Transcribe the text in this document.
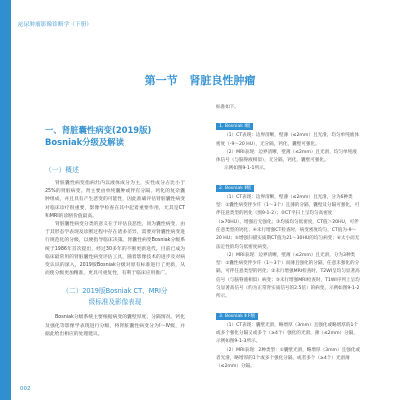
泌尿肿瘤影像诊断学（下册）
第一节 肾脏良性肿瘤

一、肾脏囊性病变(2019版)

Bosniak分级及解读

（一）概述

肾脏囊性病变指病灶内以液体成分为主，实性成分占比小于25%的肾脏病变。肾主要由单纯囊肿或伴有分隔、钙化的复杂囊肿组成，并且具有产生恶变的可能性，因此准确评估肾脏囊性病变对临床诊疗很重要，影像学检查在其中起着重要作用，尤其是CT和MRI的诊断价值最高。

肾脏囊性病变分类的意义在于评估良恶性，同为囊性病变，由于其形态学表现及诊断过程中存在诸多差异，需要对肾囊性病变进行规范化的分级，以便指导临床决策。肾囊性病变Bosniak分级系统于1986年首次提出，经过30多年的不断更新迭代，目前已成为临床最常用的肾脏囊性病变评估工具，随着影像技术的进步及对病变认识的深入，2019版Bosniak分级对原有标准进行了更新，从而使分级更加精准，更具可重复性，有利于临床应用推广。

（二）2019版Bosniak CT、MRI分
级标准及影像表现

Bosniak分级系统主要根据病变的囊壁厚度、分隔情况、钙化及强化等影像学表现进行分级，将肾脏囊性病变分为Ⅰ～Ⅳ级，并据此给出相应的处理建议。

标准如下。

1. Bosniak Ⅰ级

（1）CT表现：边界清晰，壁薄（≤2mm）且光滑，均匀单纯液体密度（-9～20 HU），无分隔，钙化，囊壁可强化。

（2）MRI表现：边界清晰，壁薄（≤2mm）且光滑，均匀单纯液体信号（与脑脊液相似），无分隔，钙化，囊壁可强化。

示例如图9-1-1所示。

2. Bosniak Ⅱ级

（1）CT表现：边界清晰，壁薄（≤2mm）且光滑，分为6种类型：①囊性病变伴少许（1～3个）且薄的分隔，囊壁及分隔可强化，可伴任意类型的钙化（图9-1-2）；②CT平扫上呈均匀高密度（≥70HU），增强后无强化；③均质均匀低密度，CT值＞20HU，可伴任意类型的钙化；④未行增强CT检查时，病变密度均匀，CT值为-9～20 HU；⑤增强扫描实质期CT值为21～30HU的均匀病变；⑥太小而无法定性的均匀低密度病变。

（2）MRI表现：边界清晰，壁薄（≤2mm）且光滑，分为3种类型：①囊性病变伴少许（1～3个）而薄且强化的分隔，任意未强化的分隔，可伴任意类型的钙化；②未行增强MRI检查时，T2WI呈均匀显著高信号（与脑脊液相似）病变；③未行增强MRI检查时，T1WI序列上呈均匀显著高信号（约为正常肾实质信号的2.5倍）的病变。示例如图9-1-2所示。

3. Bosniak Ⅱ F级

（1）CT表现：囊壁光滑，略增厚（3mm）且强化或略增厚的1个或多个强化分隔又或多个（≥4个）强化的光滑、薄（≤2mm）分隔，示例如图9-1-3所示。

（2）MRI表现：2种类型：①囊壁光滑，略增厚（3mm）且强化或者光滑，略增厚的1个或多个强化分隔，或者多个（≥4个）光滑薄（≤2mm）分隔。

002
